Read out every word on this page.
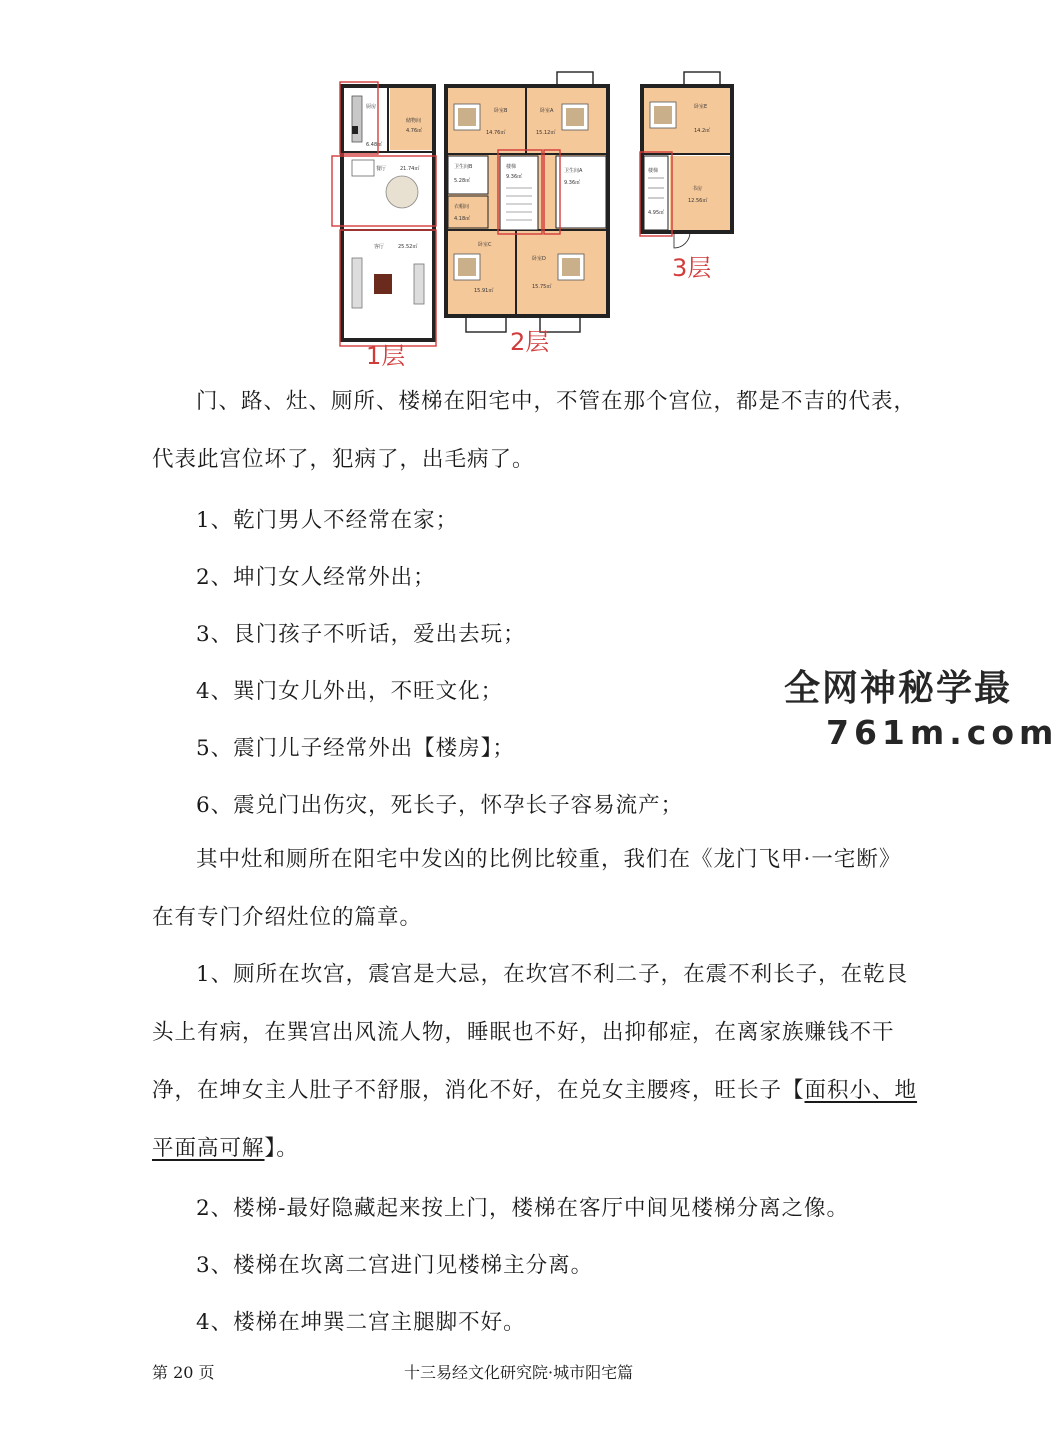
厨房
6.48㎡
储物间
4.76㎡
餐厅	21.74㎡
客厅	25.52㎡
卧室B
14.76㎡
卧室A
15.12㎡
卫生间B
5.28㎡
衣帽间
4.18㎡
楼梯
9.36㎡
卫生间A
9.36㎡
卧室C
15.91㎡
卧室D
15.75㎡
卧室E
14.2㎡
楼梯
4.95㎡
书房
12.56㎡
1层	2层
3层

门、路、灶、厕所、楼梯在阳宅中，不管在那个宫位，都是不吉的代表，代表此宫位坏了，犯病了，出毛病了。

1、乾门男人不经常在家；

2、坤门女人经常外出；

3、艮门孩子不听话，爱出去玩；

4、巽门女儿外出，不旺文化；

5、震门儿子经常外出【楼房】；

6、震兑门出伤灾，死长子，怀孕长子容易流产；

其中灶和厕所在阳宅中发凶的比例比较重，我们在《龙门飞甲·一宅断》在有专门介绍灶位的篇章。

1、厕所在坎宫，震宫是大忌，在坎宫不利二子，在震不利长子，在乾艮头上有病，在巽宫出风流人物，睡眠也不好，出抑郁症，在离家族赚钱不干净，在坤女主人肚子不舒服，消化不好，在兑女主腰疼，旺长子【面积小、地平面高可解】。

2、楼梯-最好隐藏起来按上门，楼梯在客厅中间见楼梯分离之像。

3、楼梯在坎离二宫进门见楼梯主分离。

4、楼梯在坤巽二宫主腿脚不好。

全网神秘学最
761m.com
第 20 页	十三易经文化研究院·城市阳宅篇
